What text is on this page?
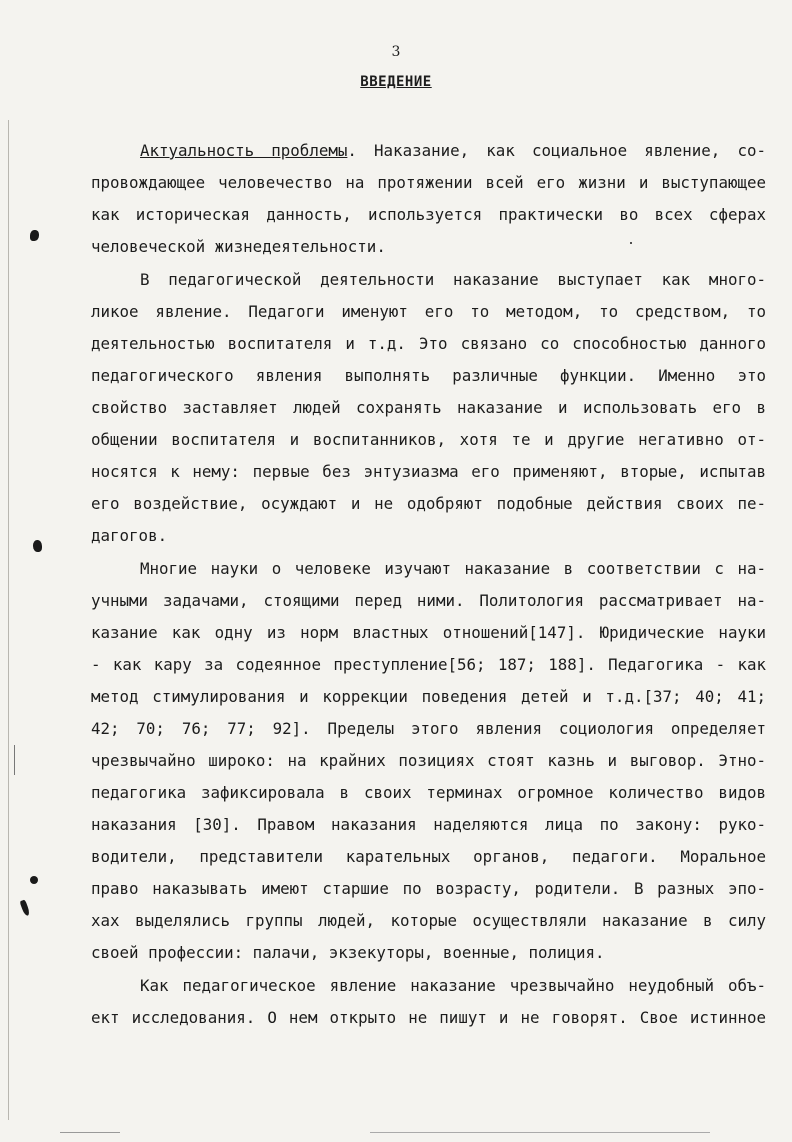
3
ВВЕДЕНИЕ
Актуальность проблемы. Наказание, как социальное явление, со-
провождающее человечество на протяжении всей его жизни и выступающее
как историческая данность, используется практически во всех сферах
человеческой жизнедеятельности.
В педагогической деятельности наказание выступает как много-
ликое явление. Педагоги именуют его то методом, то средством, то
деятельностью воспитателя и т.д. Это связано со способностью данного
педагогического явления выполнять различные функции. Именно это
свойство заставляет людей сохранять наказание и использовать его в
общении воспитателя и воспитанников, хотя те и другие негативно от-
носятся к нему: первые без энтузиазма его применяют, вторые, испытав
его воздействие, осуждают и не одобряют подобные действия своих пе-
дагогов.
Многие науки о человеке изучают наказание в соответствии с на-
учными задачами, стоящими перед ними. Политология рассматривает на-
казание как одну из норм властных отношений[147]. Юридические науки
- как кару за содеянное преступление[56; 187; 188]. Педагогика - как
метод стимулирования и коррекции поведения детей и т.д.[37; 40; 41;
42; 70; 76; 77; 92]. Пределы этого явления социология определяет
чрезвычайно широко: на крайних позициях стоят казнь и выговор. Этно-
педагогика зафиксировала в своих терминах огромное количество видов
наказания [30]. Правом наказания наделяются лица по закону: руко-
водители, представители карательных органов, педагоги. Моральное
право наказывать имеют старшие по возрасту, родители. В разных эпо-
хах выделялись группы людей, которые осуществляли наказание в силу
своей профессии: палачи, экзекуторы, военные, полиция.
Как педагогическое явление наказание чрезвычайно неудобный объ-
ект исследования. О нем открыто не пишут и не говорят. Свое истинное
